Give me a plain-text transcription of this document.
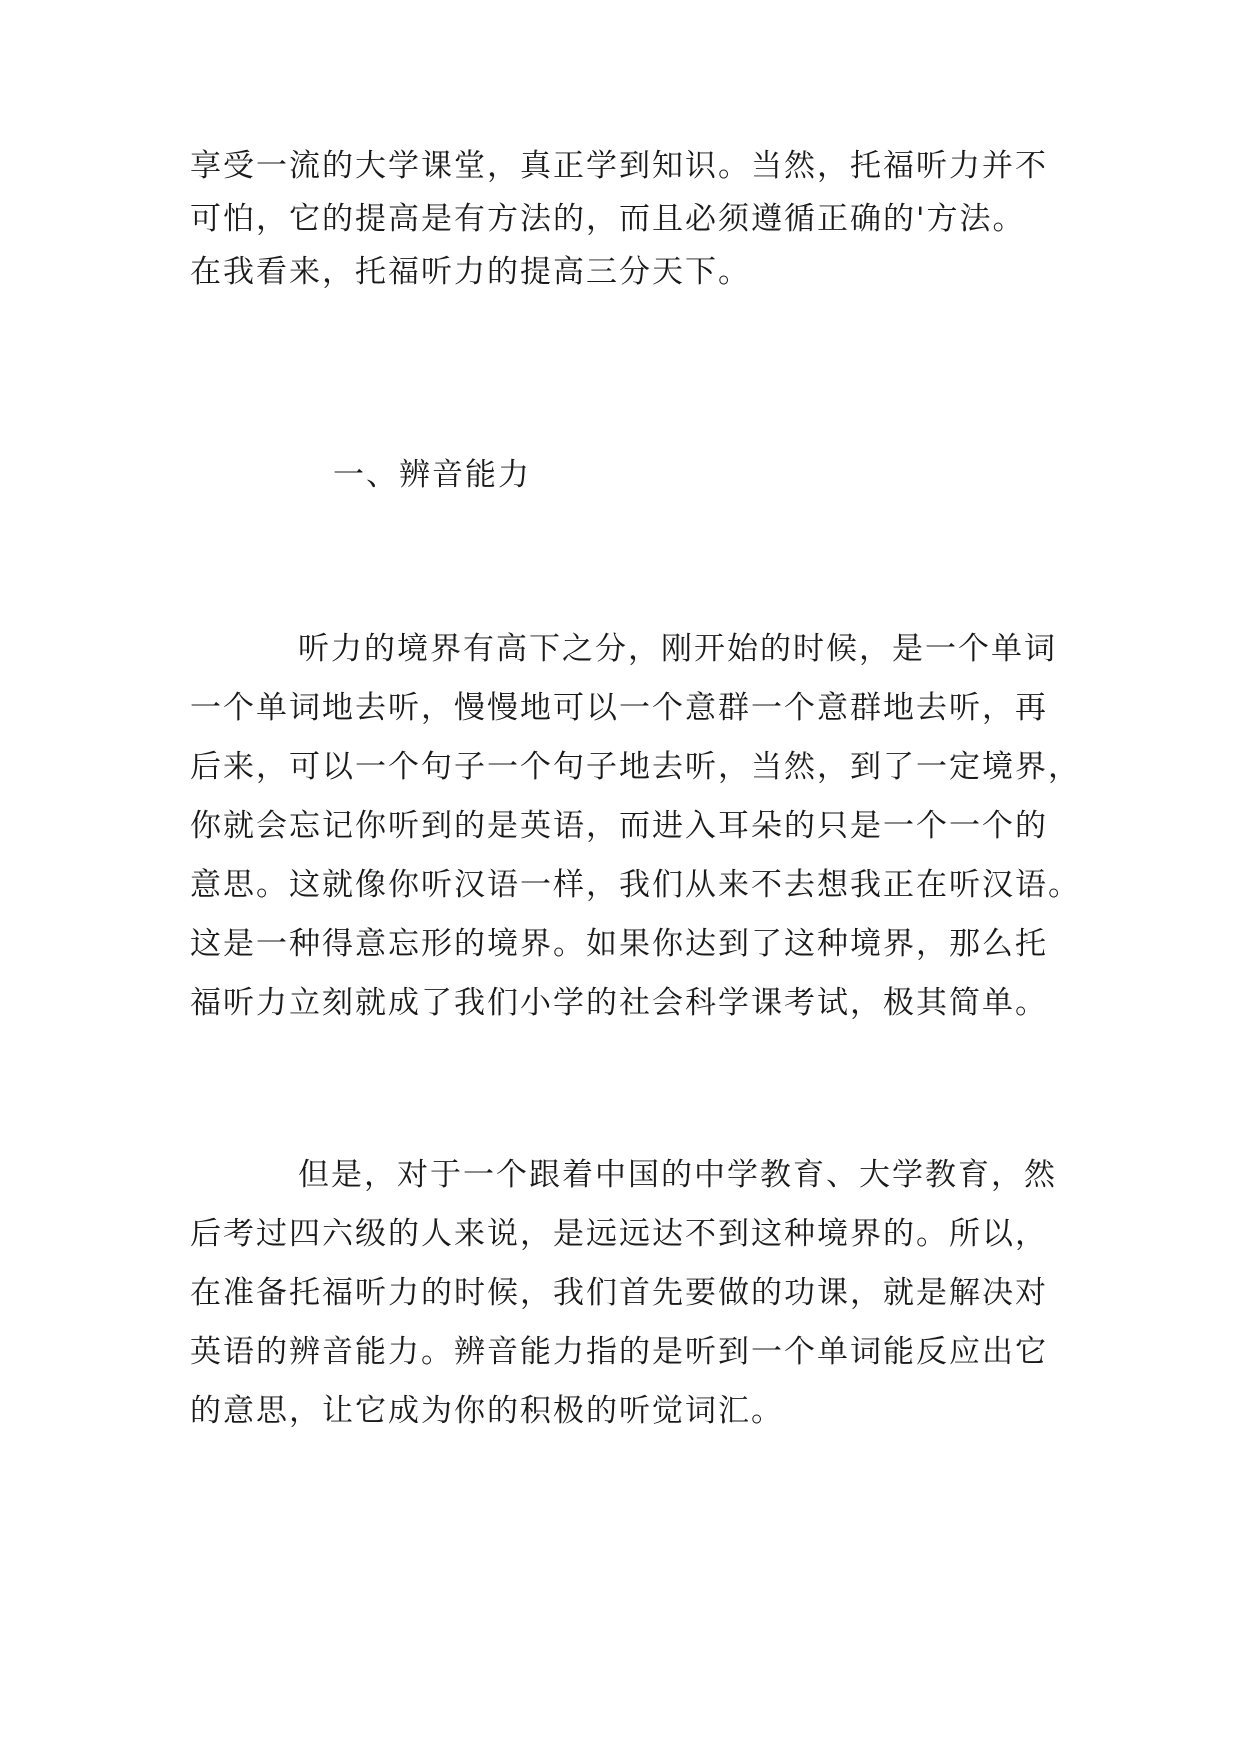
享受一流的大学课堂，真正学到知识。当然，托福听力并不
可怕，它的提高是有方法的，而且必须遵循正确的'方法。
在我看来，托福听力的提高三分天下。
一、辨音能力
听力的境界有高下之分，刚开始的时候，是一个单词
一个单词地去听，慢慢地可以一个意群一个意群地去听，再
后来，可以一个句子一个句子地去听，当然，到了一定境界，
你就会忘记你听到的是英语，而进入耳朵的只是一个一个的
意思。这就像你听汉语一样，我们从来不去想我正在听汉语。
这是一种得意忘形的境界。如果你达到了这种境界，那么托
福听力立刻就成了我们小学的社会科学课考试，极其简单。
但是，对于一个跟着中国的中学教育、大学教育，然
后考过四六级的人来说，是远远达不到这种境界的。所以，
在准备托福听力的时候，我们首先要做的功课，就是解决对
英语的辨音能力。辨音能力指的是听到一个单词能反应出它
的意思，让它成为你的积极的听觉词汇。
